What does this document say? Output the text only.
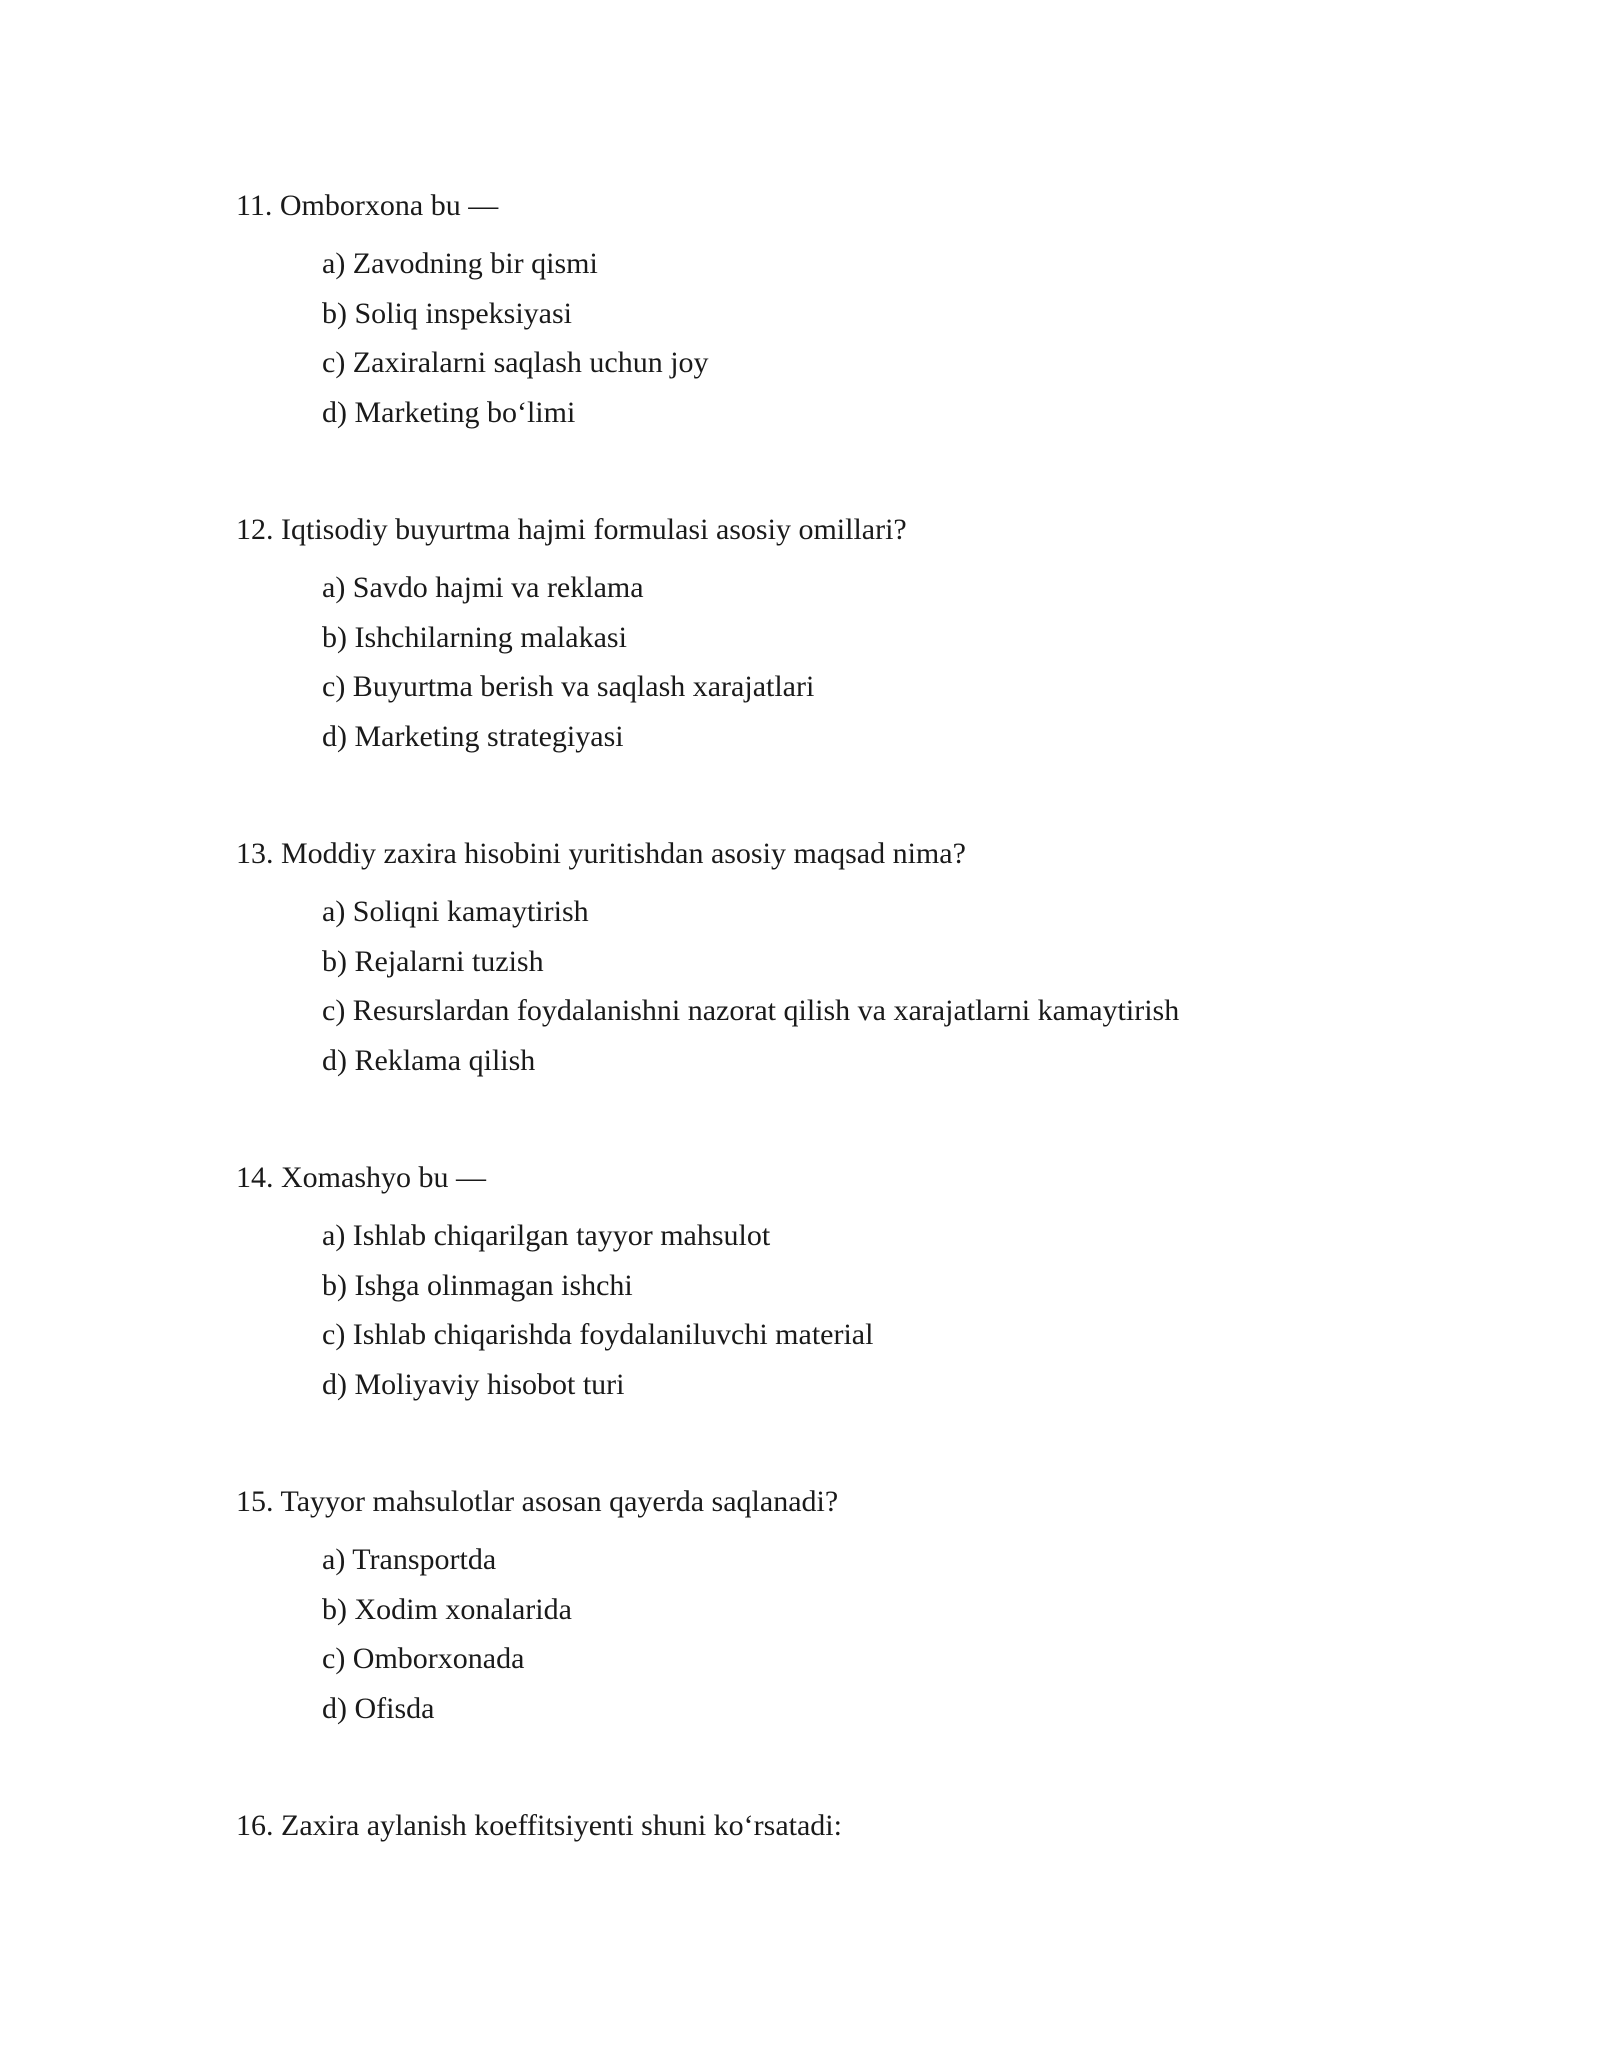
11. Omborxona bu —

a) Zavodning bir qismi
b) Soliq inspeksiyasi
c) Zaxiralarni saqlash uchun joy
d) Marketing bo‘limi

12. Iqtisodiy buyurtma hajmi formulasi asosiy omillari?

a) Savdo hajmi va reklama
b) Ishchilarning malakasi
c) Buyurtma berish va saqlash xarajatlari
d) Marketing strategiyasi

13. Moddiy zaxira hisobini yuritishdan asosiy maqsad nima?

a) Soliqni kamaytirish
b) Rejalarni tuzish
c) Resurslardan foydalanishni nazorat qilish va xarajatlarni kamaytirish
d) Reklama qilish

14. Xomashyo bu —

a) Ishlab chiqarilgan tayyor mahsulot
b) Ishga olinmagan ishchi
c) Ishlab chiqarishda foydalaniluvchi material
d) Moliyaviy hisobot turi

15. Tayyor mahsulotlar asosan qayerda saqlanadi?

a) Transportda
b) Xodim xonalarida
c) Omborxonada
d) Ofisda

16. Zaxira aylanish koeffitsiyenti shuni ko‘rsatadi:
